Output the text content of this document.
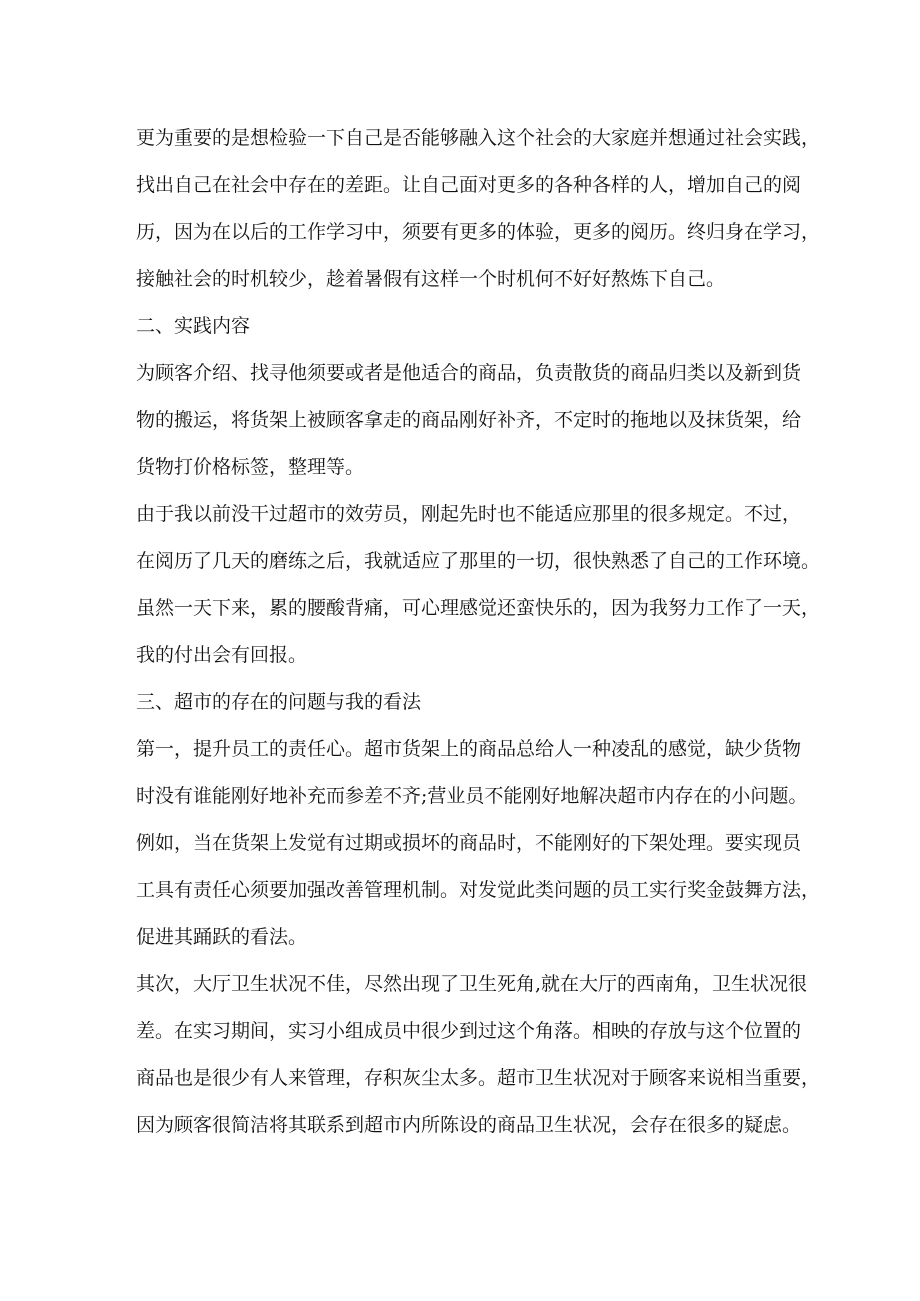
更为重要的是想检验一下自己是否能够融入这个社会的大家庭并想通过社会实践，
找出自己在社会中存在的差距。让自己面对更多的各种各样的人，增加自己的阅
历，因为在以后的工作学习中，须要有更多的体验，更多的阅历。终归身在学习，
接触社会的时机较少，趁着暑假有这样一个时机何不好好熬炼下自己。
二、实践内容
为顾客介绍、找寻他须要或者是他适合的商品，负责散货的商品归类以及新到货
物的搬运，将货架上被顾客拿走的商品刚好补齐，不定时的拖地以及抹货架，给
货物打价格标签，整理等。
由于我以前没干过超市的效劳员，刚起先时也不能适应那里的很多规定。不过，
在阅历了几天的磨练之后，我就适应了那里的一切，很快熟悉了自己的工作环境。
虽然一天下来，累的腰酸背痛，可心理感觉还蛮快乐的，因为我努力工作了一天，
我的付出会有回报。
三、超市的存在的问题与我的看法
第一，提升员工的责任心。超市货架上的商品总给人一种凌乱的感觉，缺少货物
时没有谁能刚好地补充而参差不齐;营业员不能刚好地解决超市内存在的小问题。
例如，当在货架上发觉有过期或损坏的商品时，不能刚好的下架处理。要实现员
工具有责任心须要加强改善管理机制。对发觉此类问题的员工实行奖金鼓舞方法，
促进其踊跃的看法。
其次，大厅卫生状况不佳，尽然出现了卫生死角,就在大厅的西南角，卫生状况很
差。在实习期间，实习小组成员中很少到过这个角落。相映的存放与这个位置的
商品也是很少有人来管理，存积灰尘太多。超市卫生状况对于顾客来说相当重要，
因为顾客很简洁将其联系到超市内所陈设的商品卫生状况，会存在很多的疑虑。
